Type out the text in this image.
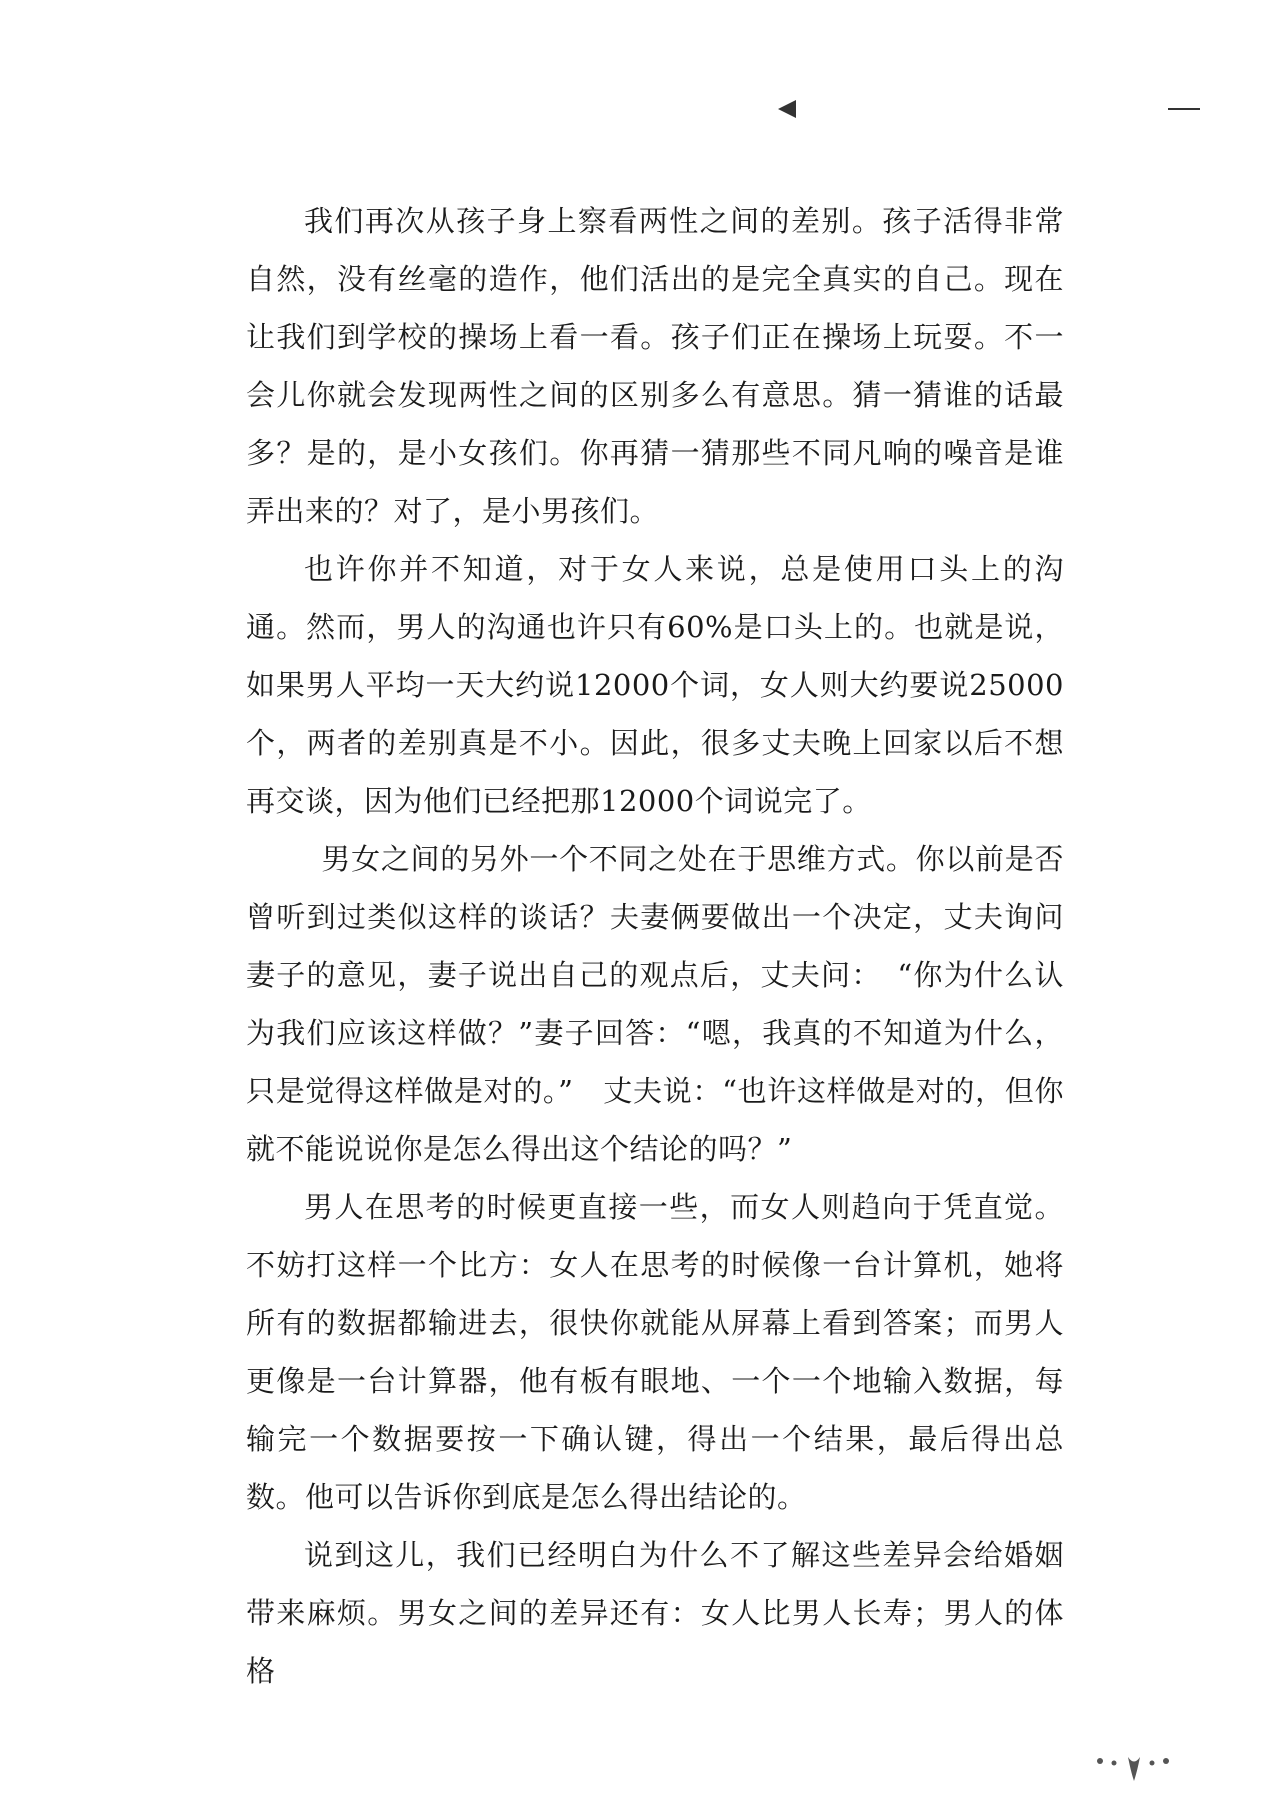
我们再次从孩子身上察看两性之间的差别。孩子活得非常自然，没有丝毫的造作，他们活出的是完全真实的自己。现在让我们到学校的操场上看一看。孩子们正在操场上玩耍。不一会儿你就会发现两性之间的区别多么有意思。猜一猜谁的话最多？是的，是小女孩们。你再猜一猜那些不同凡响的噪音是谁弄出来的？对了，是小男孩们。

也许你并不知道，对于女人来说，总是使用口头上的沟通。然而，男人的沟通也许只有60%是口头上的。也就是说，如果男人平均一天大约说12000个词，女人则大约要说25000个，两者的差别真是不小。因此，很多丈夫晚上回家以后不想再交谈，因为他们已经把那12000个词说完了。

男女之间的另外一个不同之处在于思维方式。你以前是否曾听到过类似这样的谈话？夫妻俩要做出一个决定，丈夫询问妻子的意见，妻子说出自己的观点后，丈夫问：　“你为什么认为我们应该这样做？”妻子回答：“嗯，我真的不知道为什么，只是觉得这样做是对的。”　丈夫说：“也许这样做是对的，但你就不能说说你是怎么得出这个结论的吗？”

男人在思考的时候更直接一些，而女人则趋向于凭直觉。不妨打这样一个比方：女人在思考的时候像一台计算机，她将所有的数据都输进去，很快你就能从屏幕上看到答案；而男人更像是一台计算器，他有板有眼地、一个一个地输入数据，每输完一个数据要按一下确认键，得出一个结果，最后得出总数。他可以告诉你到底是怎么得出结论的。

说到这儿，我们已经明白为什么不了解这些差异会给婚姻带来麻烦。男女之间的差异还有：女人比男人长寿；男人的体格
